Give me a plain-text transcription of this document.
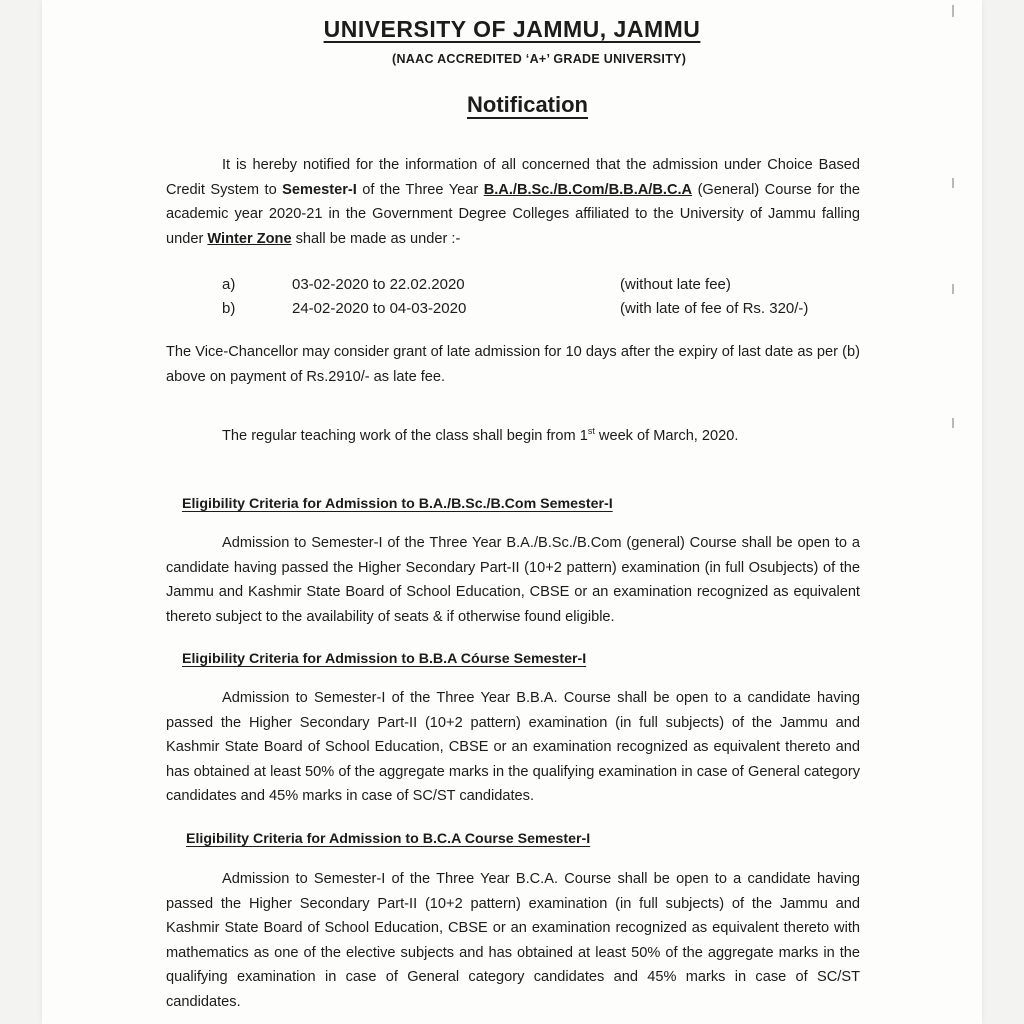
UNIVERSITY OF JAMMU, JAMMU
(NAAC ACCREDITED ‘A+’ GRADE UNIVERSITY)
Notification

It is hereby notified for the information of all concerned that the admission under Choice Based Credit System to Semester-I of the Three Year B.A./B.Sc./B.Com/B.B.A/B.C.A (General) Course for the academic year 2020-21 in the Government Degree Colleges affiliated to the University of Jammu falling under Winter Zone shall be made as under :-

a)	03-02-2020 to 22.02.2020	(without late fee)
b)	24-02-2020 to 04-03-2020	(with late of fee of Rs. 320/-)

The Vice-Chancellor may consider grant of late admission for 10 days after the expiry of last date as per (b) above on payment of Rs.2910/- as late fee.

The regular teaching work of the class shall begin from 1st week of March, 2020.
Eligibility Criteria for Admission to B.A./B.Sc./B.Com Semester-I

Admission to Semester-I of the Three Year B.A./B.Sc./B.Com (general) Course shall be open to a candidate having passed the Higher Secondary Part-II (10+2 pattern) examination (in full Osubjects) of the Jammu and Kashmir State Board of School Education, CBSE or an examination recognized as equivalent thereto subject to the availability of seats & if otherwise found eligible.

Eligibility Criteria for Admission to B.B.A Cóurse Semester-I

Admission to Semester-I of the Three Year B.B.A. Course shall be open to a candidate having passed the Higher Secondary Part-II (10+2 pattern) examination (in full subjects) of the Jammu and Kashmir State Board of School Education, CBSE or an examination recognized as equivalent thereto and has obtained at least 50% of the aggregate marks in the qualifying examination in case of General category candidates and 45% marks in case of SC/ST candidates.

Eligibility Criteria for Admission to B.C.A Course Semester-I

Admission to Semester-I of the Three Year B.C.A. Course shall be open to a candidate having passed the Higher Secondary Part-II (10+2 pattern) examination (in full subjects) of the Jammu and Kashmir State Board of School Education, CBSE or an examination recognized as equivalent thereto with mathematics as one of the elective subjects and has obtained at least 50% of the aggregate marks in the qualifying examination in case of General category candidates and 45% marks in case of SC/ST candidates.
